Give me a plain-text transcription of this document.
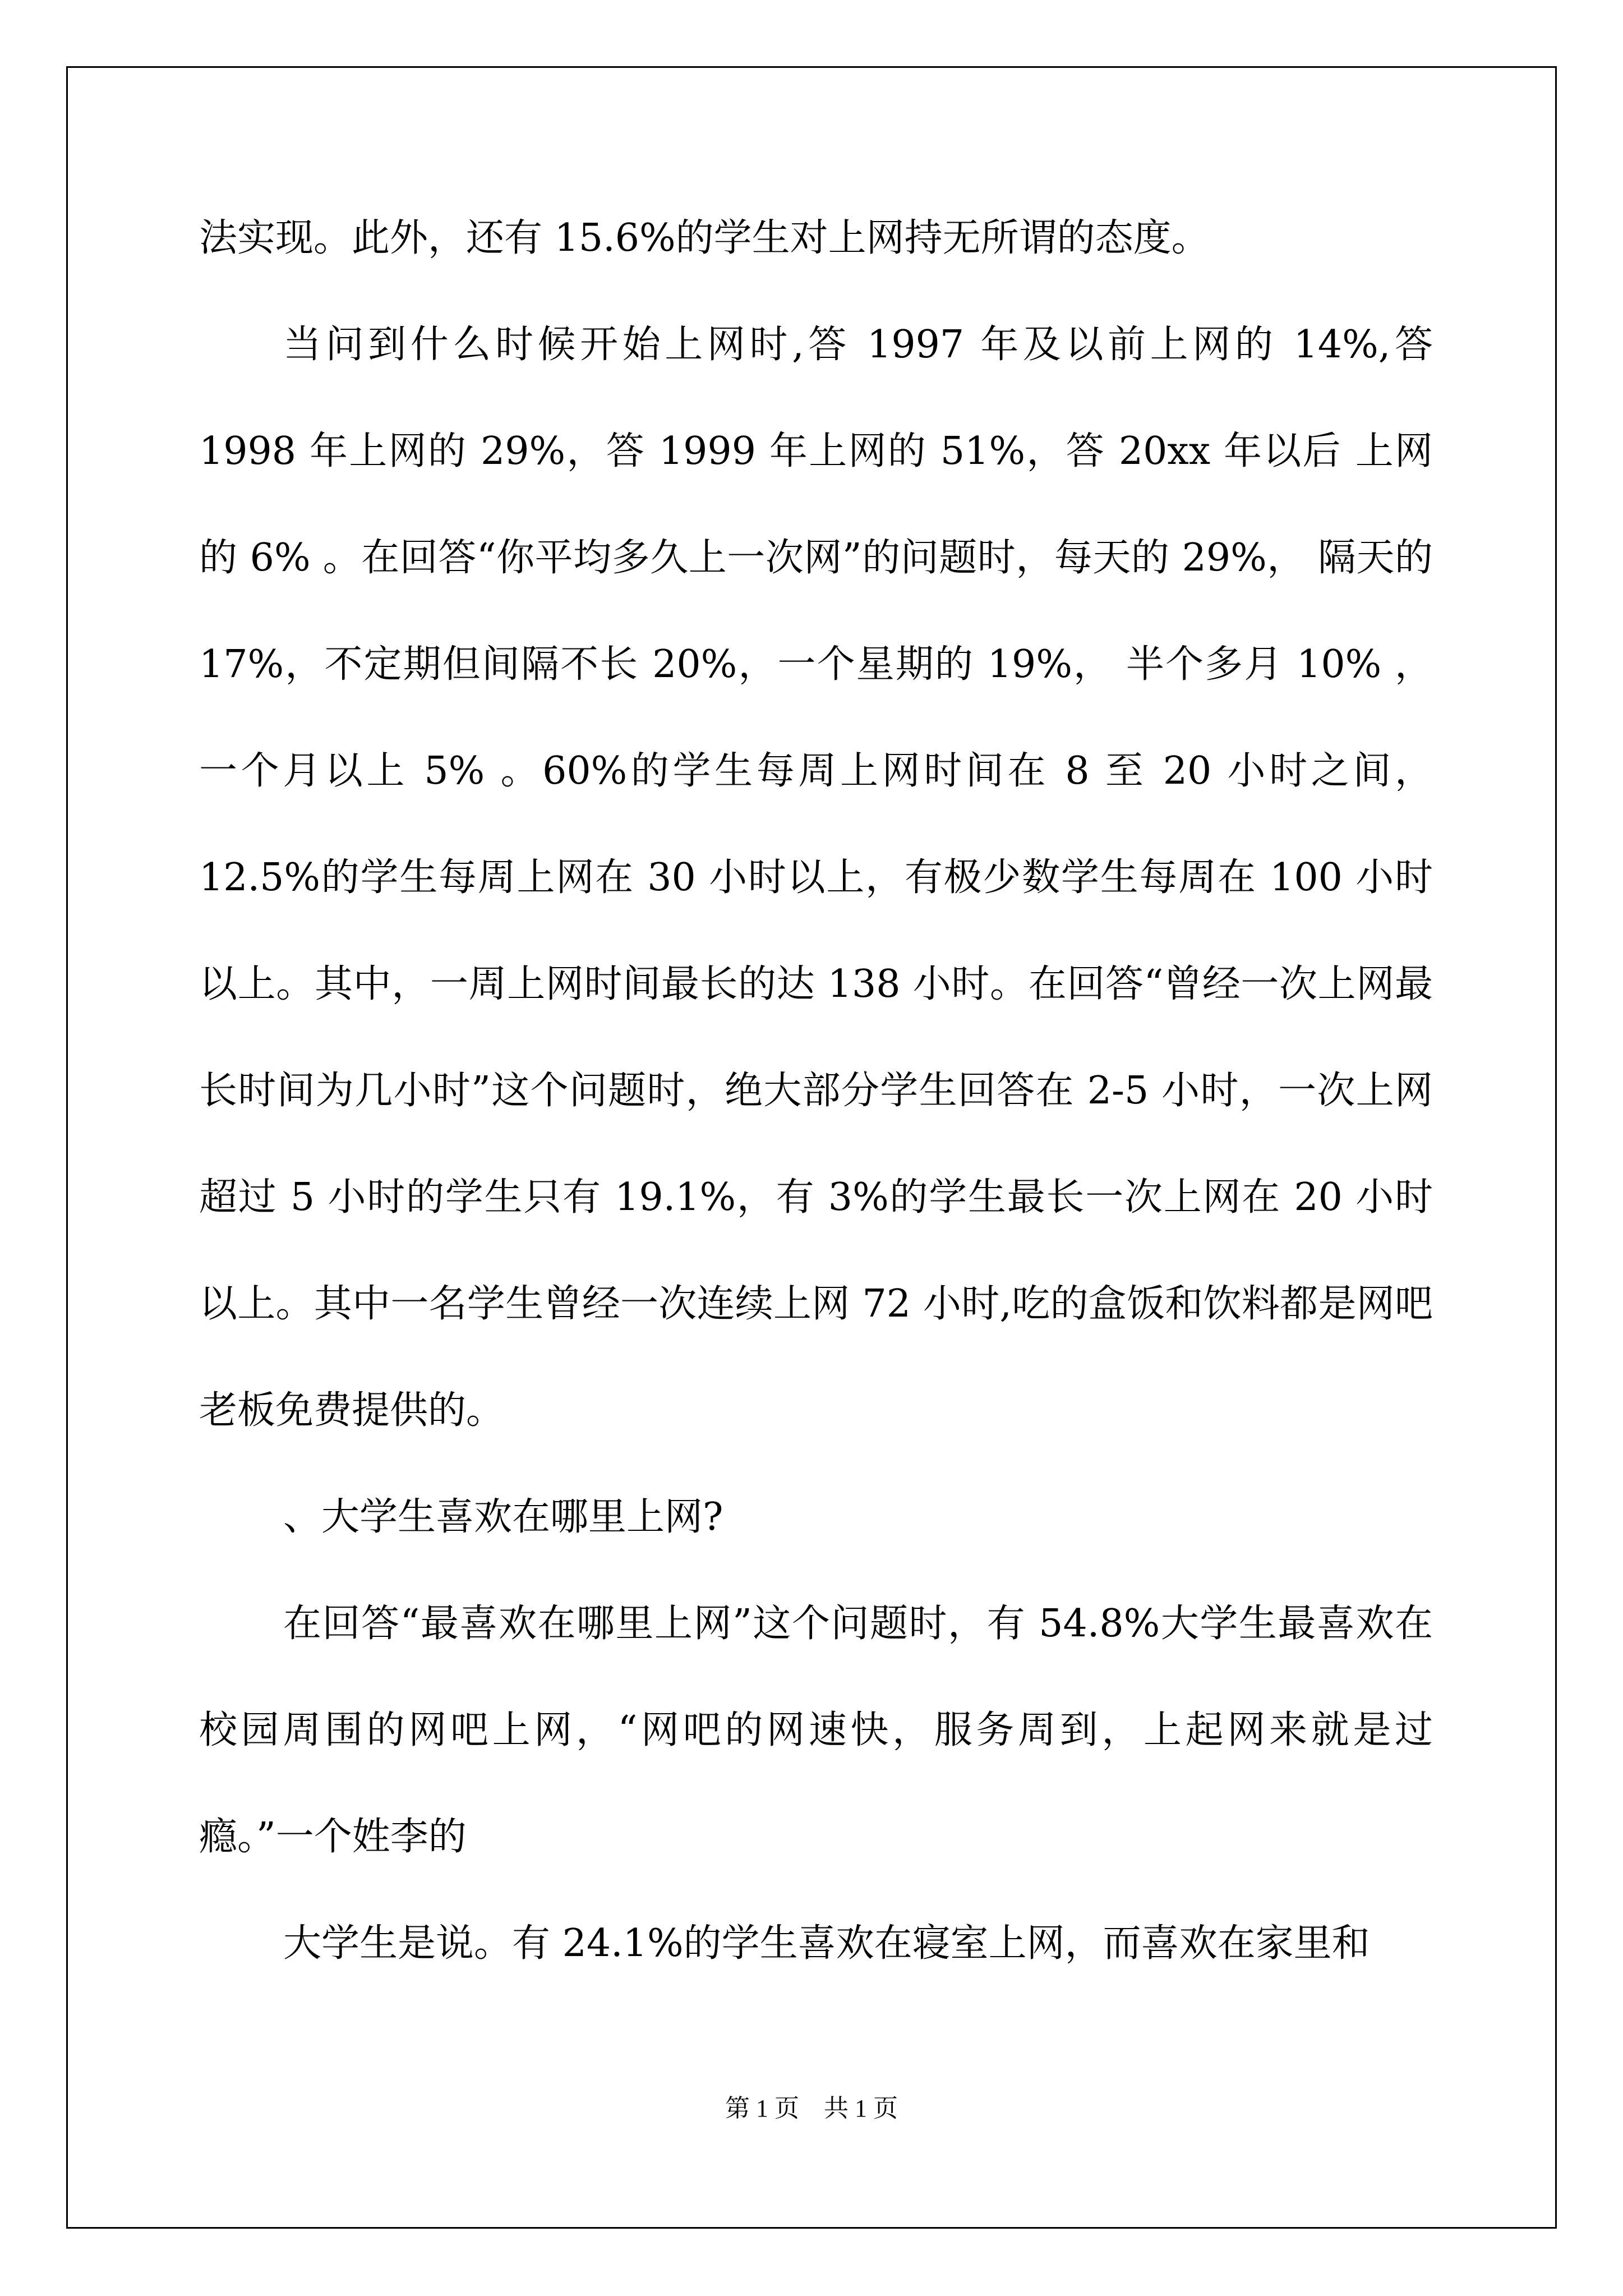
法实现。此外，还有 15.6%的学生对上网持无所谓的态度。

当问到什么时候开始上网时,答 1997 年及以前上网的 14%,答 1998 年上网的 29%，答 1999 年上网的 51%，答 20xx 年以后 上网的 6% 。在回答“你平均多久上一次网”的问题时，每天的 29%， 隔天的 17%，不定期但间隔不长 20%，一个星期的 19%， 半个多月 10% ，一个月以上 5% 。60%的学生每周上网时间在 8 至 20 小时之间，12.5%的学生每周上网在 30 小时以上，有极少数学生每周在 100 小时以上。其中，一周上网时间最长的达 138 小时。在回答“曾经一次上网最长时间为几小时”这个问题时，绝大部分学生回答在 2-5 小时，一次上网超过 5 小时的学生只有 19.1%，有 3%的学生最长一次上网在 20 小时以上。其中一名学生曾经一次连续上网 72 小时,吃的盒饭和饮料都是网吧老板免费提供的。

、大学生喜欢在哪里上网?

在回答“最喜欢在哪里上网”这个问题时，有 54.8%大学生最喜欢在校园周围的网吧上网，“网吧的网速快，服务周到，上起网来就是过瘾。”一个姓李的

大学生是说。有 24.1%的学生喜欢在寝室上网，而喜欢在家里和

第 1 页　共 1 页
